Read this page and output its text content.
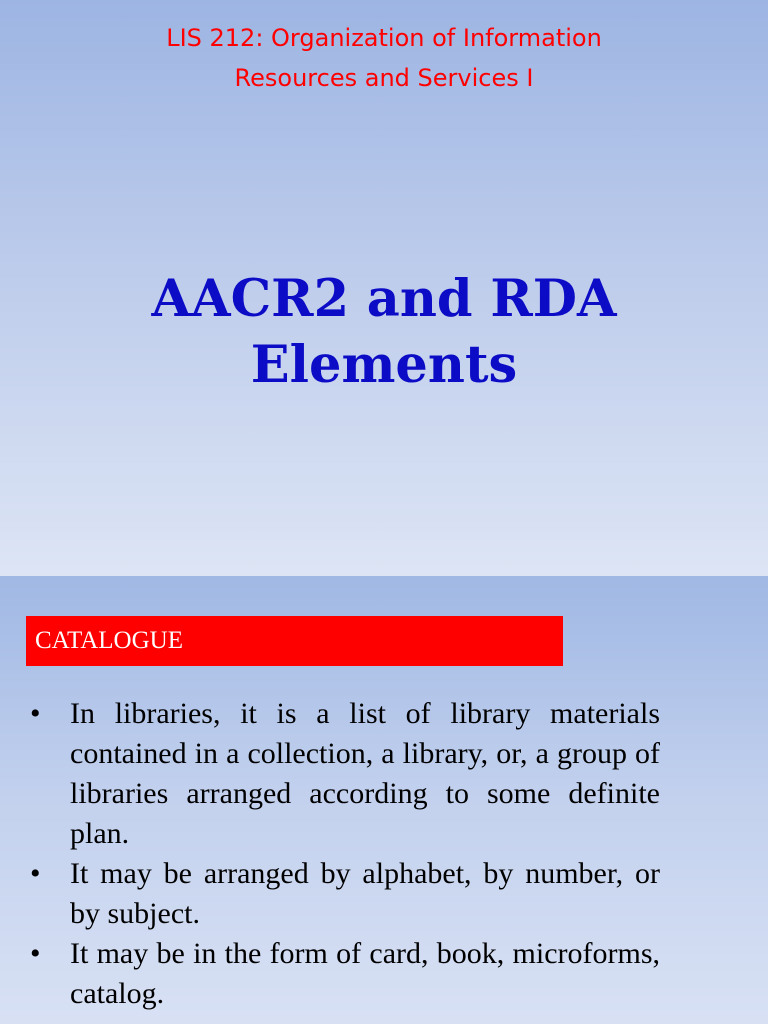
LIS 212: Organization of Information
Resources and Services I
AACR2 and RDA
Elements
CATALOGUE
• In libraries, it is a list of library materials contained in a collection, a library, or, a group of libraries arranged according to some definite plan.
• It may be arranged by alphabet, by number, or by subject.
• It may be in the form of card, book, microforms, catalog.
